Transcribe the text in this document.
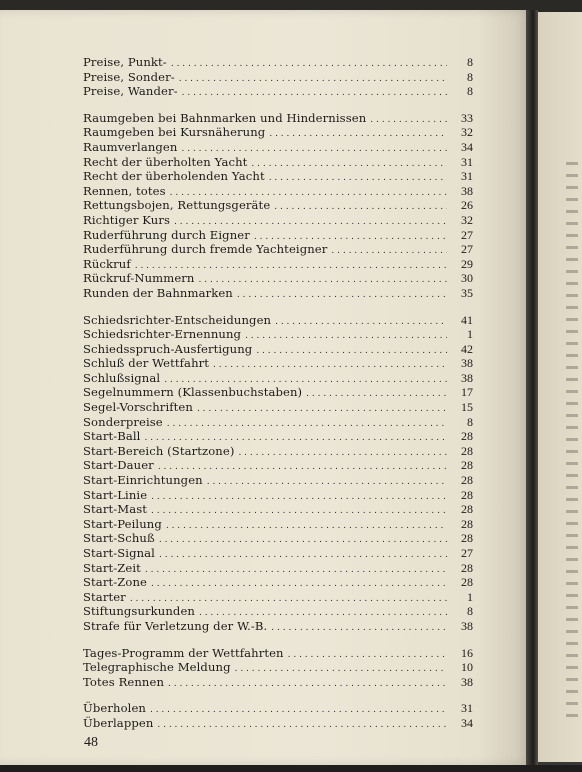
Preise, Punkt- . . .	8
Preise, Sonder- . . .	8
Preise, Wander- . . .	8
Raumgeben bei Bahnmarken und Hindernissen . . .	33
Raumgeben bei Kursnäherung . . .	32
Raumverlangen . . .	34
Recht der überholten Yacht . . .	31
Recht der überholenden Yacht . . .	31
Rennen, totes . . .	38
Rettungsbojen, Rettungsgeräte . . .	26
Richtiger Kurs . . .	32
Ruderführung durch Eigner . . .	27
Ruderführung durch fremde Yachteigner . . .	27
Rückruf . . .	29
Rückruf-Nummern . . .	30
Runden der Bahnmarken . . .	35
Schiedsrichter-Entscheidungen . . .	41
Schiedsrichter-Ernennung . . .	1
Schiedsspruch-Ausfertigung . . .	42
Schluß der Wettfahrt . . .	38
Schlußsignal . . .	38
Segelnummern (Klassenbuchstaben) . . .	17
Segel-Vorschriften . . .	15
Sonderpreise . . .	8
Start-Ball . . .	28
Start-Bereich (Startzone) . . .	28
Start-Dauer . . .	28
Start-Einrichtungen . . .	28
Start-Linie . . .	28
Start-Mast . . .	28
Start-Peilung . . .	28
Start-Schuß . . .	28
Start-Signal . . .	27
Start-Zeit . . .	28
Start-Zone . . .	28
Starter . . .	1
Stiftungsurkunden . . .	8
Strafe für Verletzung der W.-B. . . .	38
Tages-Programm der Wettfahrten . . .	16
Telegraphische Meldung . . .	10
Totes Rennen . . .	38
Überholen . . .	31
Überlappen . . .	34
48
